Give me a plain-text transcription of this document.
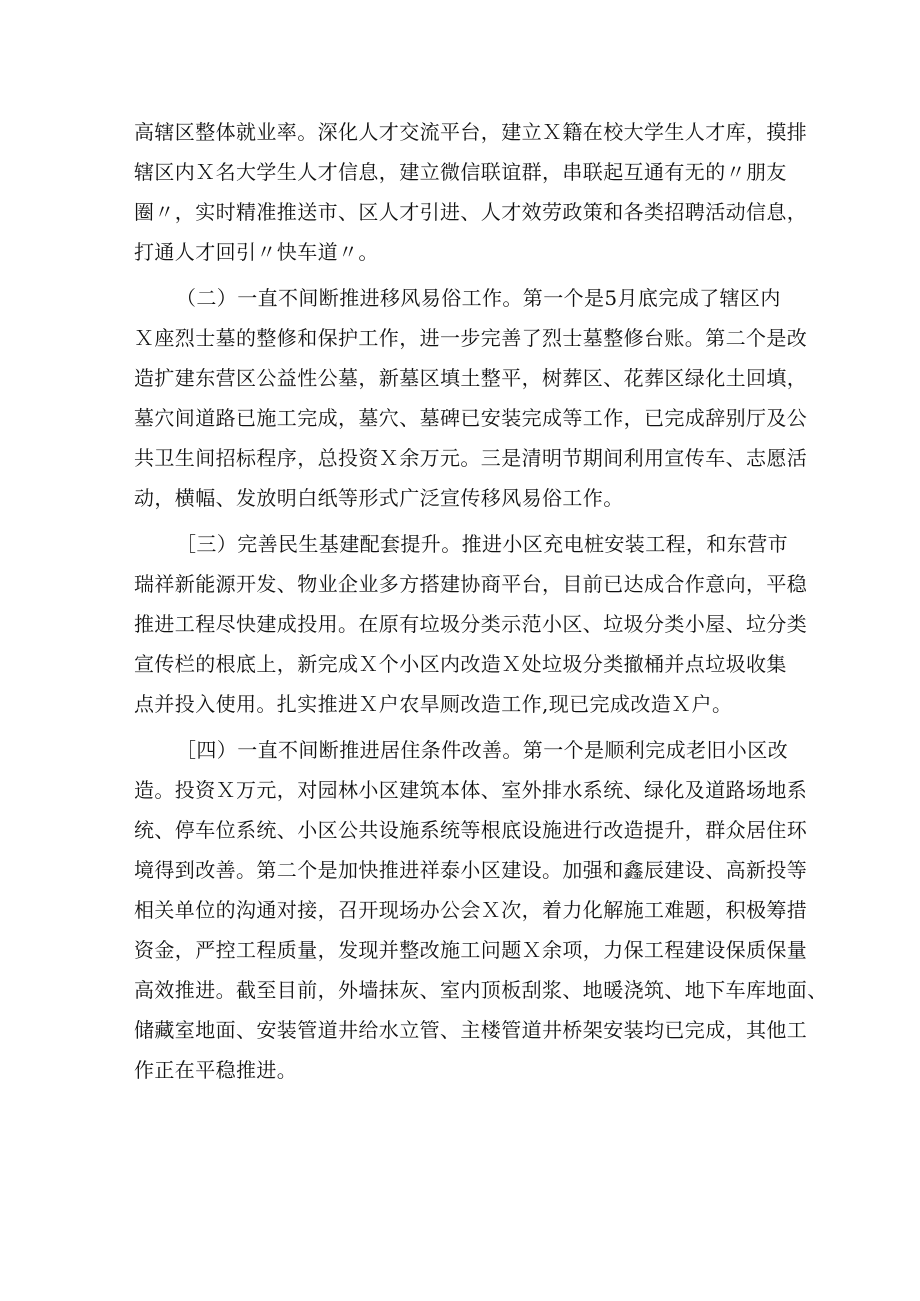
高辖区整体就业率。深化人才交流平台，建立Ｘ籍在校大学生人才库，摸排
辖区内Ｘ名大学生人才信息，建立微信联谊群，串联起互通有无的〃朋友
圈〃，实时精准推送市、区人才引进、人才效劳政策和各类招聘活动信息，
打通人才回引〃快车道〃。
（二）一直不间断推进移风易俗工作。第一个是5月底完成了辖区内
Ｘ座烈士墓的整修和保护工作，进一步完善了烈士墓整修台账。第二个是改
造扩建东营区公益性公墓，新墓区填土整平，树葬区、花葬区绿化土回填，
墓穴间道路已施工完成，墓穴、墓碑已安装完成等工作，已完成辞别厅及公
共卫生间招标程序，总投资Ｘ余万元。三是清明节期间利用宣传车、志愿活
动，横幅、发放明白纸等形式广泛宣传移风易俗工作。
［三）完善民生基建配套提升。推进小区充电桩安装工程，和东营市
瑞祥新能源开发、物业企业多方搭建协商平台，目前已达成合作意向，平稳
推进工程尽快建成投用。在原有垃圾分类示范小区、垃圾分类小屋、垃分类
宣传栏的根底上，新完成Ｘ个小区内改造Ｘ处垃圾分类撤桶并点垃圾收集
点并投入使用。扎实推进Ｘ户农旱厕改造工作,现已完成改造Ｘ户。
［四）一直不间断推进居住条件改善。第一个是顺利完成老旧小区改
造。投资Ｘ万元，对园林小区建筑本体、室外排水系统、绿化及道路场地系
统、停车位系统、小区公共设施系统等根底设施进行改造提升，群众居住环
境得到改善。第二个是加快推进祥泰小区建设。加强和鑫辰建设、高新投等
相关单位的沟通对接，召开现场办公会Ｘ次，着力化解施工难题，积极筹措
资金，严控工程质量，发现并整改施工问题Ｘ余项，力保工程建设保质保量
高效推进。截至目前，外墙抹灰、室内顶板刮浆、地暖浇筑、地下车库地面、
储藏室地面、安装管道井给水立管、主楼管道井桥架安装均已完成，其他工
作正在平稳推进。
